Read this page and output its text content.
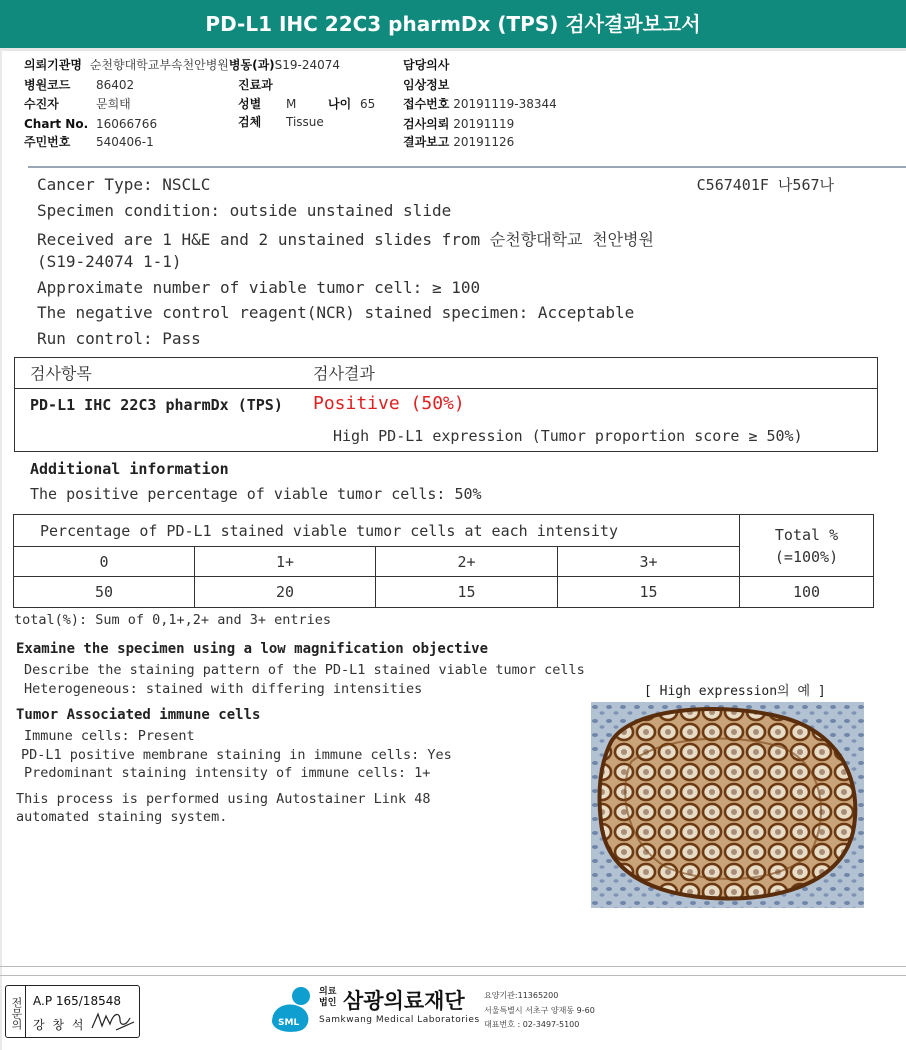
PD-L1 IHC 22C3 pharmDx (TPS) 검사결과보고서
의뢰기관명 순천향대학교부속천안병원병동(과)S19-24074	담당의사
병원코드 86402	진료과	임상정보
수진자	문희태	성별 M	나이 65 접수번호 20191119-38344
Chart No. 16066766	검체 Tissue	검사의뢰 20191119
주민번호 540406-1	결과보고 20191126
C567401F 나567나
Cancer Type: NSCLC
Specimen condition: outside unstained slide
Received are 1 H&E and 2 unstained slides from 순천향대학교 천안병원
(S19-24074 1-1)
Approximate number of viable tumor cell: ≥ 100
The negative control reagent(NCR) stained specimen: Acceptable
Run control: Pass
검사항목	검사결과
PD-L1 IHC 22C3 pharmDx (TPS) Positive (50%)
High PD-L1 expression (Tumor proportion score ≥ 50%)
Additional information
The positive percentage of viable tumor cells: 50%
Percentage of PD-L1 stained viable tumor cells at each intensity				Total %
(=100%)

0	1+	2+	3+	
50	20	15	15	100
total(%): Sum of 0,1+,2+ and 3+ entries
Examine the specimen using a low magnification objective
Describe the staining pattern of the PD-L1 stained viable tumor cells
Heterogeneous: stained with differing intensities
Tumor Associated immune cells
Immune cells: Present
PD-L1 positive membrane staining in immune cells: Yes
Predominant staining intensity of immune cells: 1+
This process is performed using Autostainer Link 48
automated staining system.
[ High expression의 예 ]
전문의 A.P 165/18548
강 창 석	SML
의료
법인 삼광의료재단
Samkwang Medical Laboratories
요양기관:11365200
서울특별시 서초구 양재동 9-60
대표번호 : 02-3497-5100
